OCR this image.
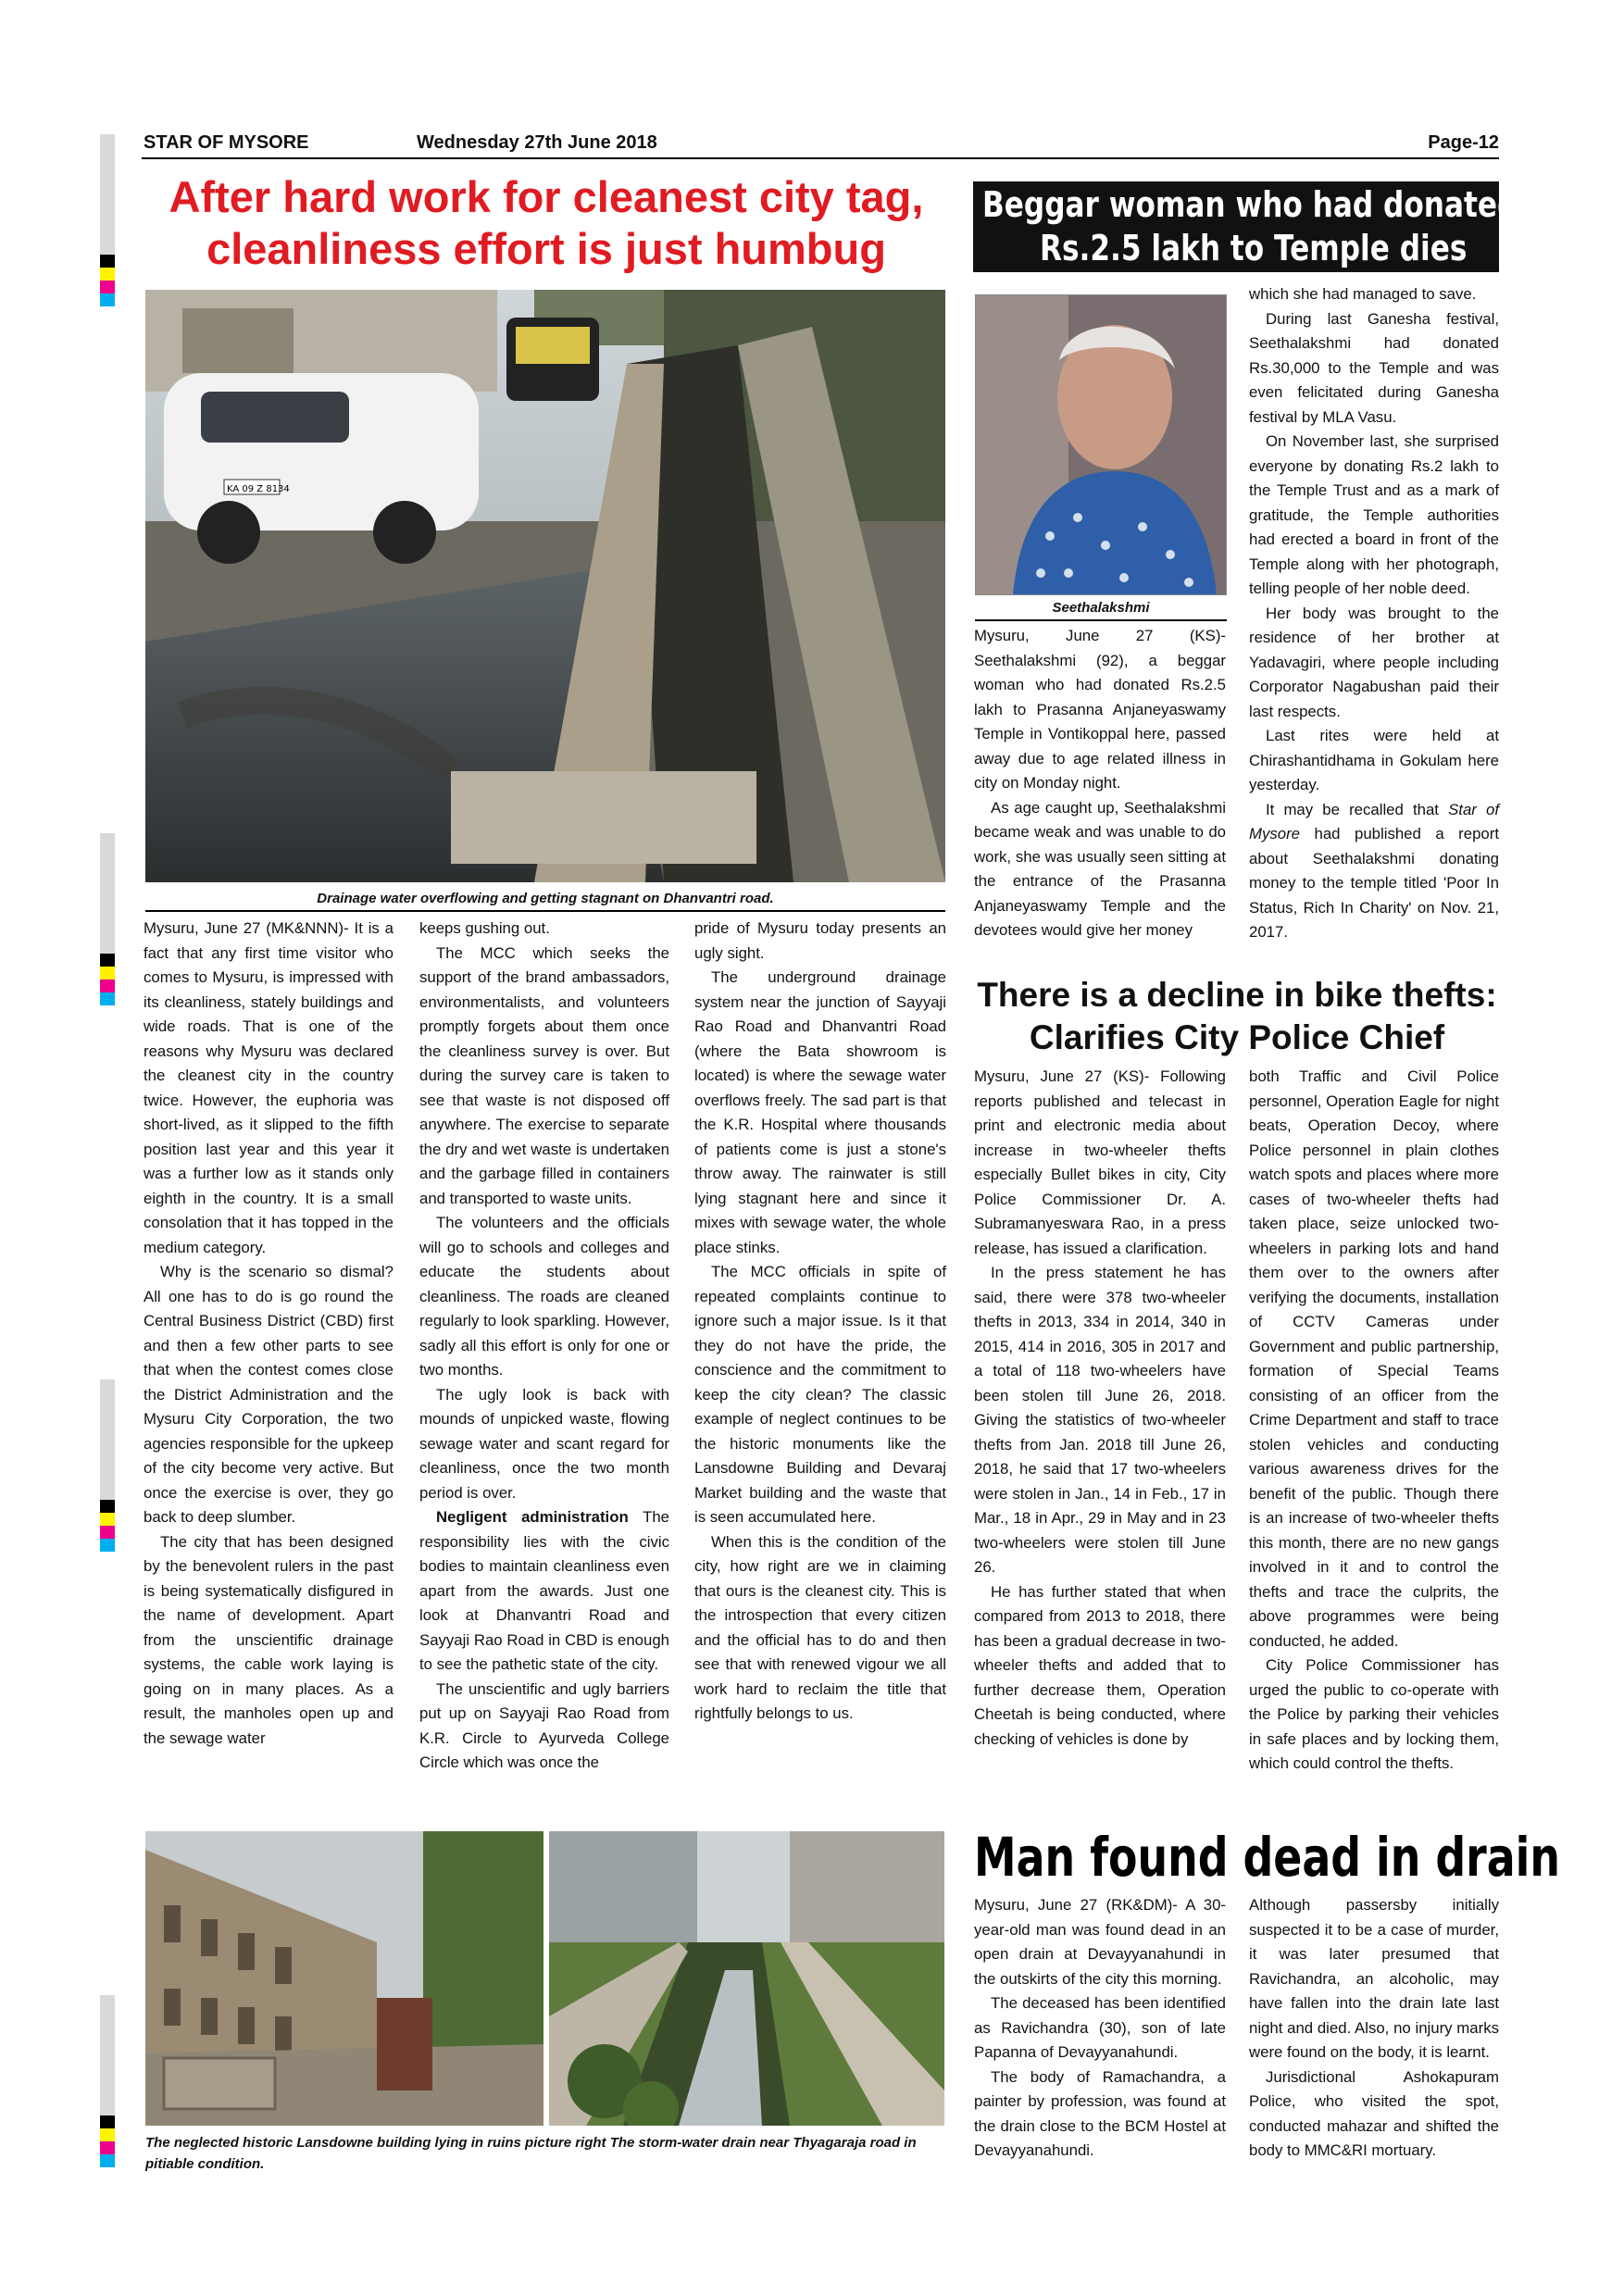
STAR OF MYSORE	Wednesday 27th June 2018	Page-12
After hard work for cleanest city tag,
cleanliness effort is just humbug
KA 09 Z 8134
Drainage water overflowing and getting stagnant on Dhanvantri road.

Mysuru, June 27 (MK&NNN)- It is a fact that any first time visitor who comes to Mysuru, is impressed with its cleanliness, stately buildings and wide roads. That is one of the reasons why Mysuru was declared the cleanest city in the country twice. However, the euphoria was short-lived, as it slipped to the fifth position last year and this year it was a further low as it stands only eighth in the country. It is a small consolation that it has topped in the medium category.

Why is the scenario so dismal? All one has to do is go round the Central Business District (CBD) first and then a few other parts to see that when the contest comes close the District Administration and the Mysuru City Corporation, the two agencies responsible for the upkeep of the city become very active. But once the exercise is over, they go back to deep slumber.

The city that has been designed by the benevolent rulers in the past is being systematically disfigured in the name of development. Apart from the unscientific drainage systems, the cable work laying is going on in many places. As a result, the manholes open up and the sewage water

keeps gushing out.

The MCC which seeks the support of the brand ambassadors, environmentalists, and volunteers promptly forgets about them once the cleanliness survey is over. But during the survey care is taken to see that waste is not disposed off anywhere. The exercise to separate the dry and wet waste is undertaken and the garbage filled in containers and transported to waste units.

The volunteers and the officials will go to schools and colleges and educate the students about cleanliness. The roads are cleaned regularly to look sparkling. However, sadly all this effort is only for one or two months.

The ugly look is back with mounds of unpicked waste, flowing sewage water and scant regard for cleanliness, once the two month period is over.

Negligent administration The responsibility lies with the civic bodies to maintain cleanliness even apart from the awards. Just one look at Dhanvantri Road and Sayyaji Rao Road in CBD is enough to see the pathetic state of the city.

The unscientific and ugly barriers put up on Sayyaji Rao Road from K.R. Circle to Ayurveda College Circle which was once the

pride of Mysuru today presents an ugly sight.

The underground drainage system near the junction of Sayyaji Rao Road and Dhanvantri Road (where the Bata showroom is located) is where the sewage water overflows freely. The sad part is that the K.R. Hospital where thousands of patients come is just a stone's throw away. The rainwater is still lying stagnant here and since it mixes with sewage water, the whole place stinks.

The MCC officials in spite of repeated complaints continue to ignore such a major issue. Is it that they do not have the pride, the conscience and the commitment to keep the city clean? The classic example of neglect continues to be the historic monuments like the Lansdowne Building and Devaraj Market building and the waste that is seen accumulated here.

When this is the condition of the city, how right are we in claiming that ours is the cleanest city. This is the introspection that every citizen and the official has to do and then see that with renewed vigour we all work hard to reclaim the title that rightfully belongs to us.

The neglected historic Lansdowne building lying in ruins picture right The storm-water drain near Thyagaraja road in pitiable condition.
Beggar woman who had donated
Rs.2.5 lakh to Temple dies
Seethalakshmi

Mysuru, June 27 (KS)- Seethalakshmi (92), a beggar woman who had donated Rs.2.5 lakh to Prasanna Anjaneyaswamy Temple in Vontikoppal here, passed away due to age related illness in city on Monday night.

As age caught up, Seethalakshmi became weak and was unable to do work, she was usually seen sitting at the entrance of the Prasanna Anjaneyaswamy Temple and the devotees would give her money

which she had managed to save.

During last Ganesha festival, Seethalakshmi had donated Rs.30,000 to the Temple and was even felicitated during Ganesha festival by MLA Vasu.

On November last, she surprised everyone by donating Rs.2 lakh to the Temple Trust and as a mark of gratitude, the Temple authorities had erected a board in front of the Temple along with her photograph, telling people of her noble deed.

Her body was brought to the residence of her brother at Yadavagiri, where people including Corporator Nagabushan paid their last respects.

Last rites were held at Chirashantidhama in Gokulam here yesterday.

It may be recalled that Star of Mysore had published a report about Seethalakshmi donating money to the temple titled 'Poor In Status, Rich In Charity' on Nov. 21, 2017.

There is a decline in bike thefts:
Clarifies City Police Chief

Mysuru, June 27 (KS)- Following reports published and telecast in print and electronic media about increase in two-wheeler thefts especially Bullet bikes in city, City Police Commissioner Dr. A. Subramanyeswara Rao, in a press release, has issued a clarification.

In the press statement he has said, there were 378 two-wheeler thefts in 2013, 334 in 2014, 340 in 2015, 414 in 2016, 305 in 2017 and a total of 118 two-wheelers have been stolen till June 26, 2018. Giving the statistics of two-wheeler thefts from Jan. 2018 till June 26, 2018, he said that 17 two-wheelers were stolen in Jan., 14 in Feb., 17 in Mar., 18 in Apr., 29 in May and in 23 two-wheelers were stolen till June 26.

He has further stated that when compared from 2013 to 2018, there has been a gradual decrease in two-wheeler thefts and added that to further decrease them, Operation Cheetah is being conducted, where checking of vehicles is done by

both Traffic and Civil Police personnel, Operation Eagle for night beats, Operation Decoy, where Police personnel in plain clothes watch spots and places where more cases of two-wheeler thefts had taken place, seize unlocked two-wheelers in parking lots and hand them over to the owners after verifying the documents, installation of CCTV Cameras under Government and public partnership, formation of Special Teams consisting of an officer from the Crime Department and staff to trace stolen vehicles and conducting various awareness drives for the benefit of the public. Though there is an increase of two-wheeler thefts this month, there are no new gangs involved in it and to control the thefts and trace the culprits, the above programmes were being conducted, he added.

City Police Commissioner has urged the public to co-operate with the Police by parking their vehicles in safe places and by locking them, which could control the thefts.

Man found dead in drain

Mysuru, June 27 (RK&DM)- A 30-year-old man was found dead in an open drain at Devayyanahundi in the outskirts of the city this morning.

The deceased has been identified as Ravichandra (30), son of late Papanna of Devayyanahundi.

The body of Ramachandra, a painter by profession, was found at the drain close to the BCM Hostel at Devayyanahundi.

Although passersby initially suspected it to be a case of murder, it was later presumed that Ravichandra, an alcoholic, may have fallen into the drain late last night and died. Also, no injury marks were found on the body, it is learnt.

Jurisdictional Ashokapuram Police, who visited the spot, conducted mahazar and shifted the body to MMC&RI mortuary.
